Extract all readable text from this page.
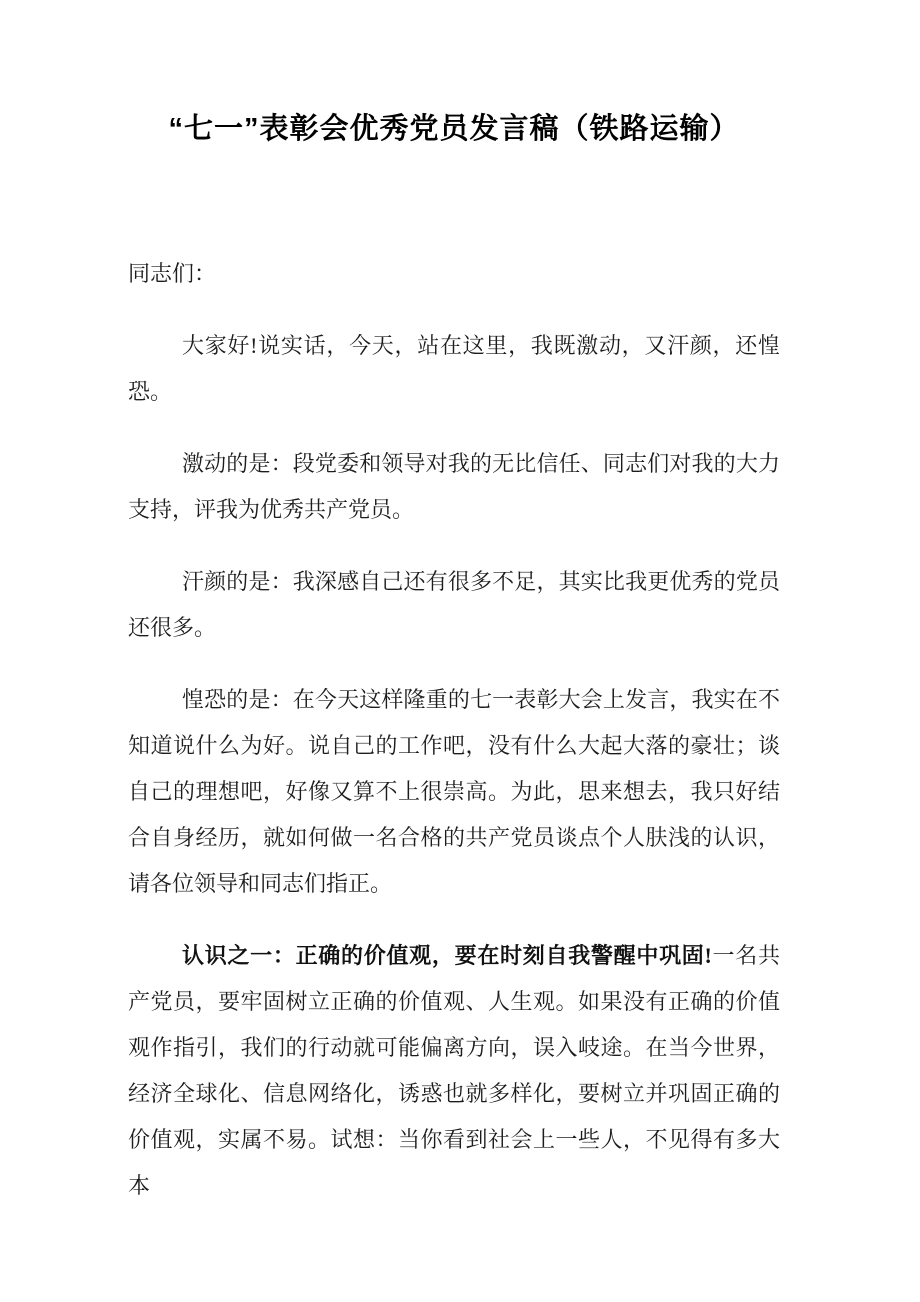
“七一”表彰会优秀党员发言稿（铁路运输）

同志们：

大家好!说实话，今天，站在这里，我既激动，又汗颜，还惶恐。

激动的是：段党委和领导对我的无比信任、同志们对我的大力支持，评我为优秀共产党员。

汗颜的是：我深感自己还有很多不足，其实比我更优秀的党员还很多。

惶恐的是：在今天这样隆重的七一表彰大会上发言，我实在不知道说什么为好。说自己的工作吧，没有什么大起大落的豪壮；谈自己的理想吧，好像又算不上很崇高。为此，思来想去，我只好结合自身经历，就如何做一名合格的共产党员谈点个人肤浅的认识，请各位领导和同志们指正。

认识之一：正确的价值观，要在时刻自我警醒中巩固!一名共产党员，要牢固树立正确的价值观、人生观。如果没有正确的价值观作指引，我们的行动就可能偏离方向，误入岐途。在当今世界，经济全球化、信息网络化，诱惑也就多样化，要树立并巩固正确的价值观，实属不易。试想：当你看到社会上一些人，不见得有多大本
